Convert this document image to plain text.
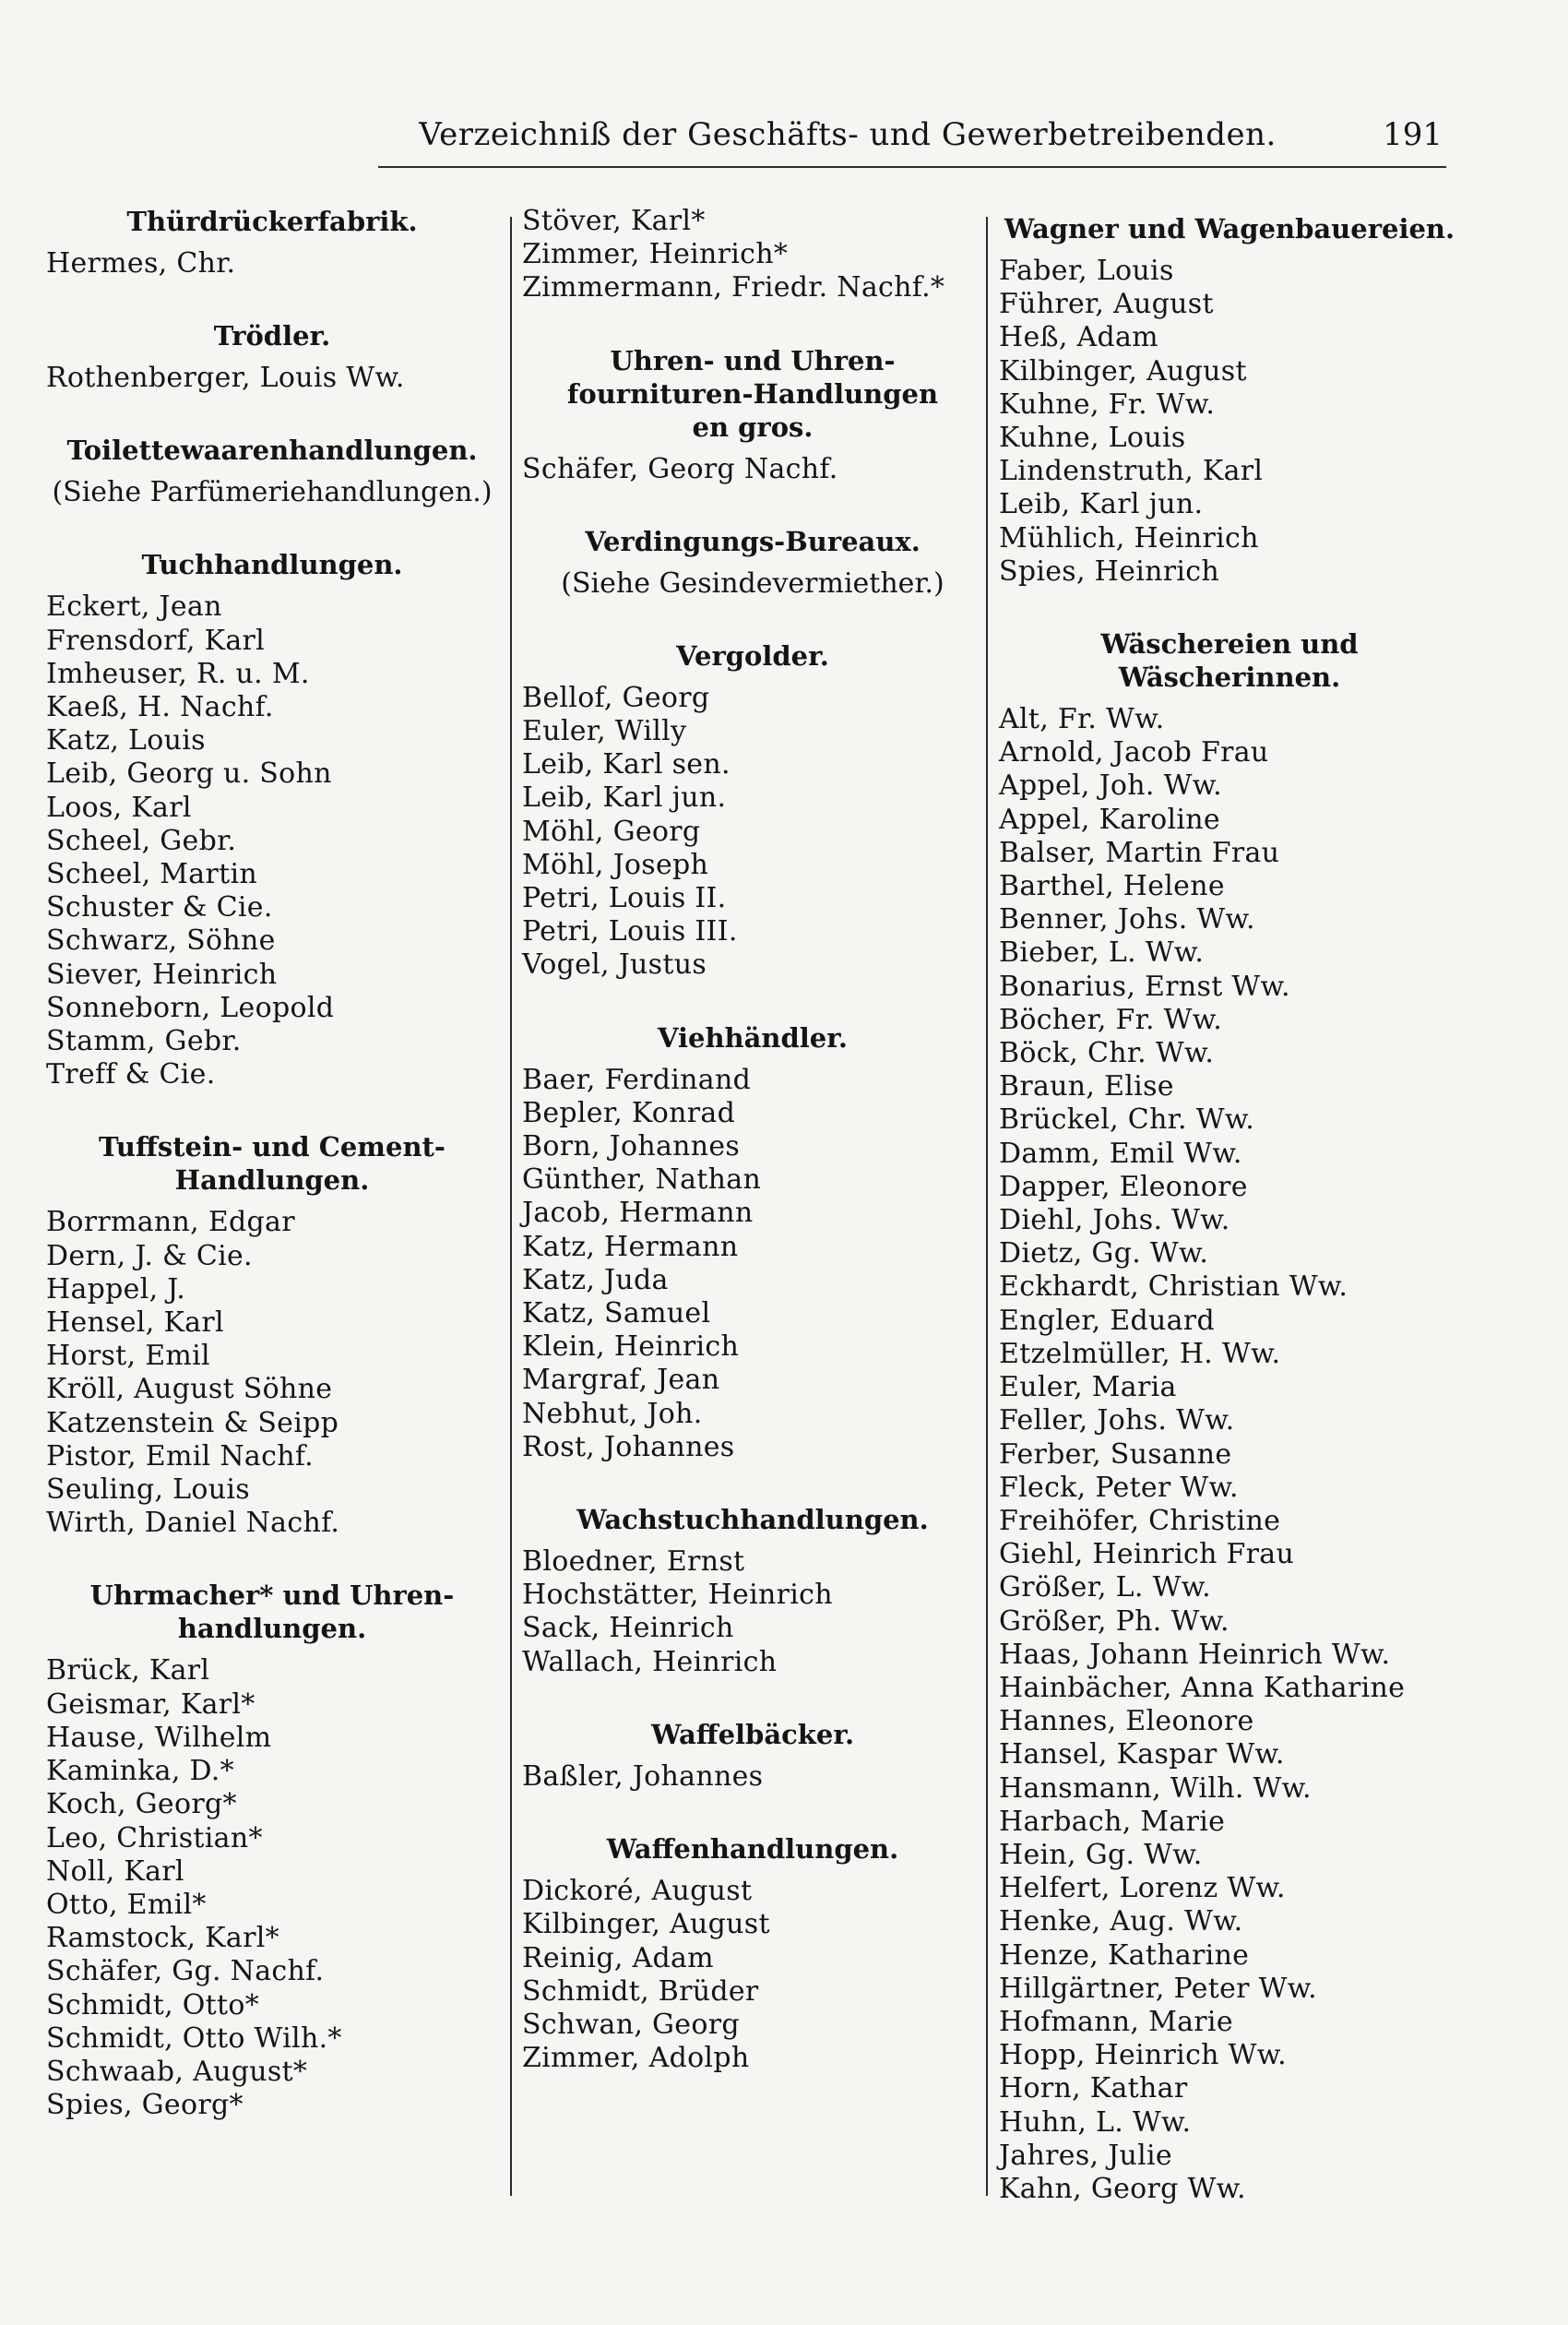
Verzeichniß der Geschäfts- und Gewerbetreibenden.	191
Thürdrückerfabrik.
Hermes, Chr.
Trödler.
Rothenberger, Louis Ww.
Toilettewaarenhandlungen.
(Siehe Parfümeriehandlungen.)
Tuchhandlungen.
Eckert, Jean
Frensdorf, Karl
Imheuser, R. u. M.
Kaeß, H. Nachf.
Katz, Louis
Leib, Georg u. Sohn
Loos, Karl
Scheel, Gebr.
Scheel, Martin
Schuster & Cie.
Schwarz, Söhne
Siever, Heinrich
Sonneborn, Leopold
Stamm, Gebr.
Treff & Cie.
Tuffstein- und Cement-
Handlungen.
Borrmann, Edgar
Dern, J. & Cie.
Happel, J.
Hensel, Karl
Horst, Emil
Kröll, August Söhne
Katzenstein & Seipp
Pistor, Emil Nachf.
Seuling, Louis
Wirth, Daniel Nachf.
Uhrmacher* und Uhren-
handlungen.
Brück, Karl
Geismar, Karl*
Hause, Wilhelm
Kaminka, D.*
Koch, Georg*
Leo, Christian*
Noll, Karl
Otto, Emil*
Ramstock, Karl*
Schäfer, Gg. Nachf.
Schmidt, Otto*
Schmidt, Otto Wilh.*
Schwaab, August*
Spies, Georg*
Stöver, Karl*
Zimmer, Heinrich*
Zimmermann, Friedr. Nachf.*
Uhren- und Uhren-
fournituren-Handlungen
en gros.
Schäfer, Georg Nachf.
Verdingungs-Bureaux.
(Siehe Gesindevermiether.)
Vergolder.
Bellof, Georg
Euler, Willy
Leib, Karl sen.
Leib, Karl jun.
Möhl, Georg
Möhl, Joseph
Petri, Louis II.
Petri, Louis III.
Vogel, Justus
Viehhändler.
Baer, Ferdinand
Bepler, Konrad
Born, Johannes
Günther, Nathan
Jacob, Hermann
Katz, Hermann
Katz, Juda
Katz, Samuel
Klein, Heinrich
Margraf, Jean
Nebhut, Joh.
Rost, Johannes
Wachstuchhandlungen.
Bloedner, Ernst
Hochstätter, Heinrich
Sack, Heinrich
Wallach, Heinrich
Waffelbäcker.
Baßler, Johannes
Waffenhandlungen.
Dickoré, August
Kilbinger, August
Reinig, Adam
Schmidt, Brüder
Schwan, Georg
Zimmer, Adolph
Wagner und Wagenbauereien.
Faber, Louis
Führer, August
Heß, Adam
Kilbinger, August
Kuhne, Fr. Ww.
Kuhne, Louis
Lindenstruth, Karl
Leib, Karl jun.
Mühlich, Heinrich
Spies, Heinrich
Wäschereien und Wäscherinnen.
Alt, Fr. Ww.
Arnold, Jacob Frau
Appel, Joh. Ww.
Appel, Karoline
Balser, Martin Frau
Barthel, Helene
Benner, Johs. Ww.
Bieber, L. Ww.
Bonarius, Ernst Ww.
Böcher, Fr. Ww.
Böck, Chr. Ww.
Braun, Elise
Brückel, Chr. Ww.
Damm, Emil Ww.
Dapper, Eleonore
Diehl, Johs. Ww.
Dietz, Gg. Ww.
Eckhardt, Christian Ww.
Engler, Eduard
Etzelmüller, H. Ww.
Euler, Maria
Feller, Johs. Ww.
Ferber, Susanne
Fleck, Peter Ww.
Freihöfer, Christine
Giehl, Heinrich Frau
Größer, L. Ww.
Größer, Ph. Ww.
Haas, Johann Heinrich Ww.
Hainbächer, Anna Katharine
Hannes, Eleonore
Hansel, Kaspar Ww.
Hansmann, Wilh. Ww.
Harbach, Marie
Hein, Gg. Ww.
Helfert, Lorenz Ww.
Henke, Aug. Ww.
Henze, Katharine
Hillgärtner, Peter Ww.
Hofmann, Marie
Hopp, Heinrich Ww.
Horn, Kathar
Huhn, L. Ww.
Jahres, Julie
Kahn, Georg Ww.
